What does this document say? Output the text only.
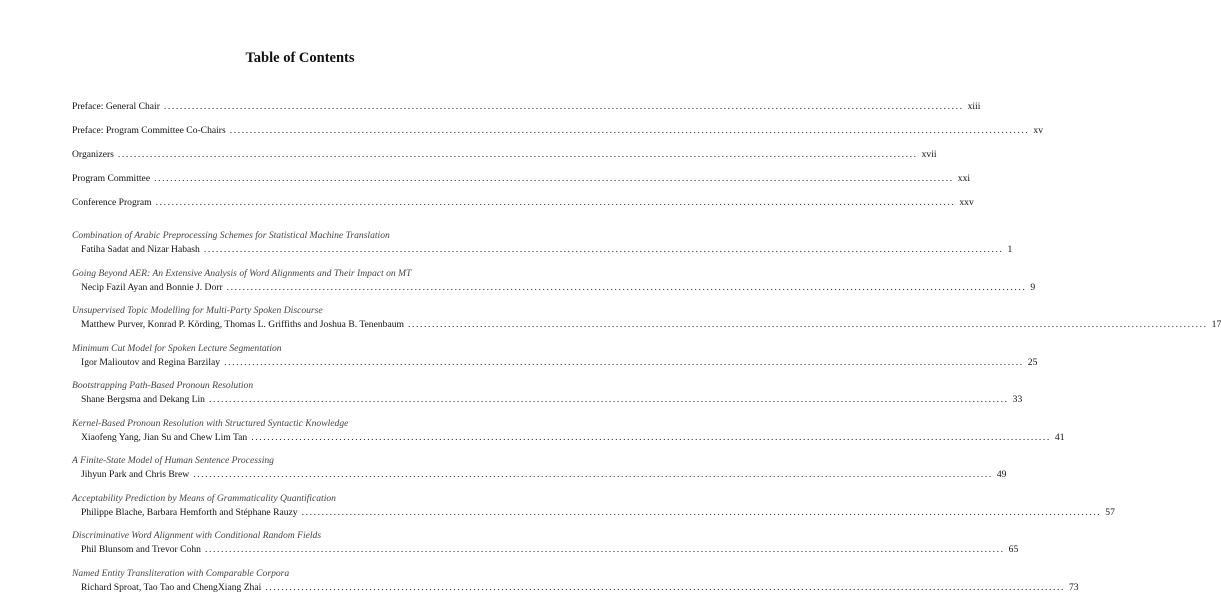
Table of Contents
Preface: General Chair ........................................................................................................................................................................................................ xiii
Preface: Program Committee Co-Chairs ........................................................................................................................................................................................................ xv
Organizers ........................................................................................................................................................................................................ xvii
Program Committee ........................................................................................................................................................................................................ xxi
Conference Program ........................................................................................................................................................................................................ xxv
Combination of Arabic Preprocessing Schemes for Statistical Machine Translation
Fatiha Sadat and Nizar Habash ........................................................................................................................................................................................................ 1
Going Beyond AER: An Extensive Analysis of Word Alignments and Their Impact on MT
Necip Fazil Ayan and Bonnie J. Dorr ........................................................................................................................................................................................................ 9
Unsupervised Topic Modelling for Multi-Party Spoken Discourse
Matthew Purver, Konrad P. Körding, Thomas L. Griffiths and Joshua B. Tenenbaum ........................................................................................................................................................................................................ 17
Minimum Cut Model for Spoken Lecture Segmentation
Igor Malioutov and Regina Barzilay ........................................................................................................................................................................................................ 25
Bootstrapping Path-Based Pronoun Resolution
Shane Bergsma and Dekang Lin ........................................................................................................................................................................................................ 33
Kernel-Based Pronoun Resolution with Structured Syntactic Knowledge
Xiaofeng Yang, Jian Su and Chew Lim Tan ........................................................................................................................................................................................................ 41
A Finite-State Model of Human Sentence Processing
Jihyun Park and Chris Brew ........................................................................................................................................................................................................ 49
Acceptability Prediction by Means of Grammaticality Quantification
Philippe Blache, Barbara Hemforth and Stéphane Rauzy ........................................................................................................................................................................................................ 57
Discriminative Word Alignment with Conditional Random Fields
Phil Blunsom and Trevor Cohn ........................................................................................................................................................................................................ 65
Named Entity Transliteration with Comparable Corpora
Richard Sproat, Tao Tao and ChengXiang Zhai ........................................................................................................................................................................................................ 73
